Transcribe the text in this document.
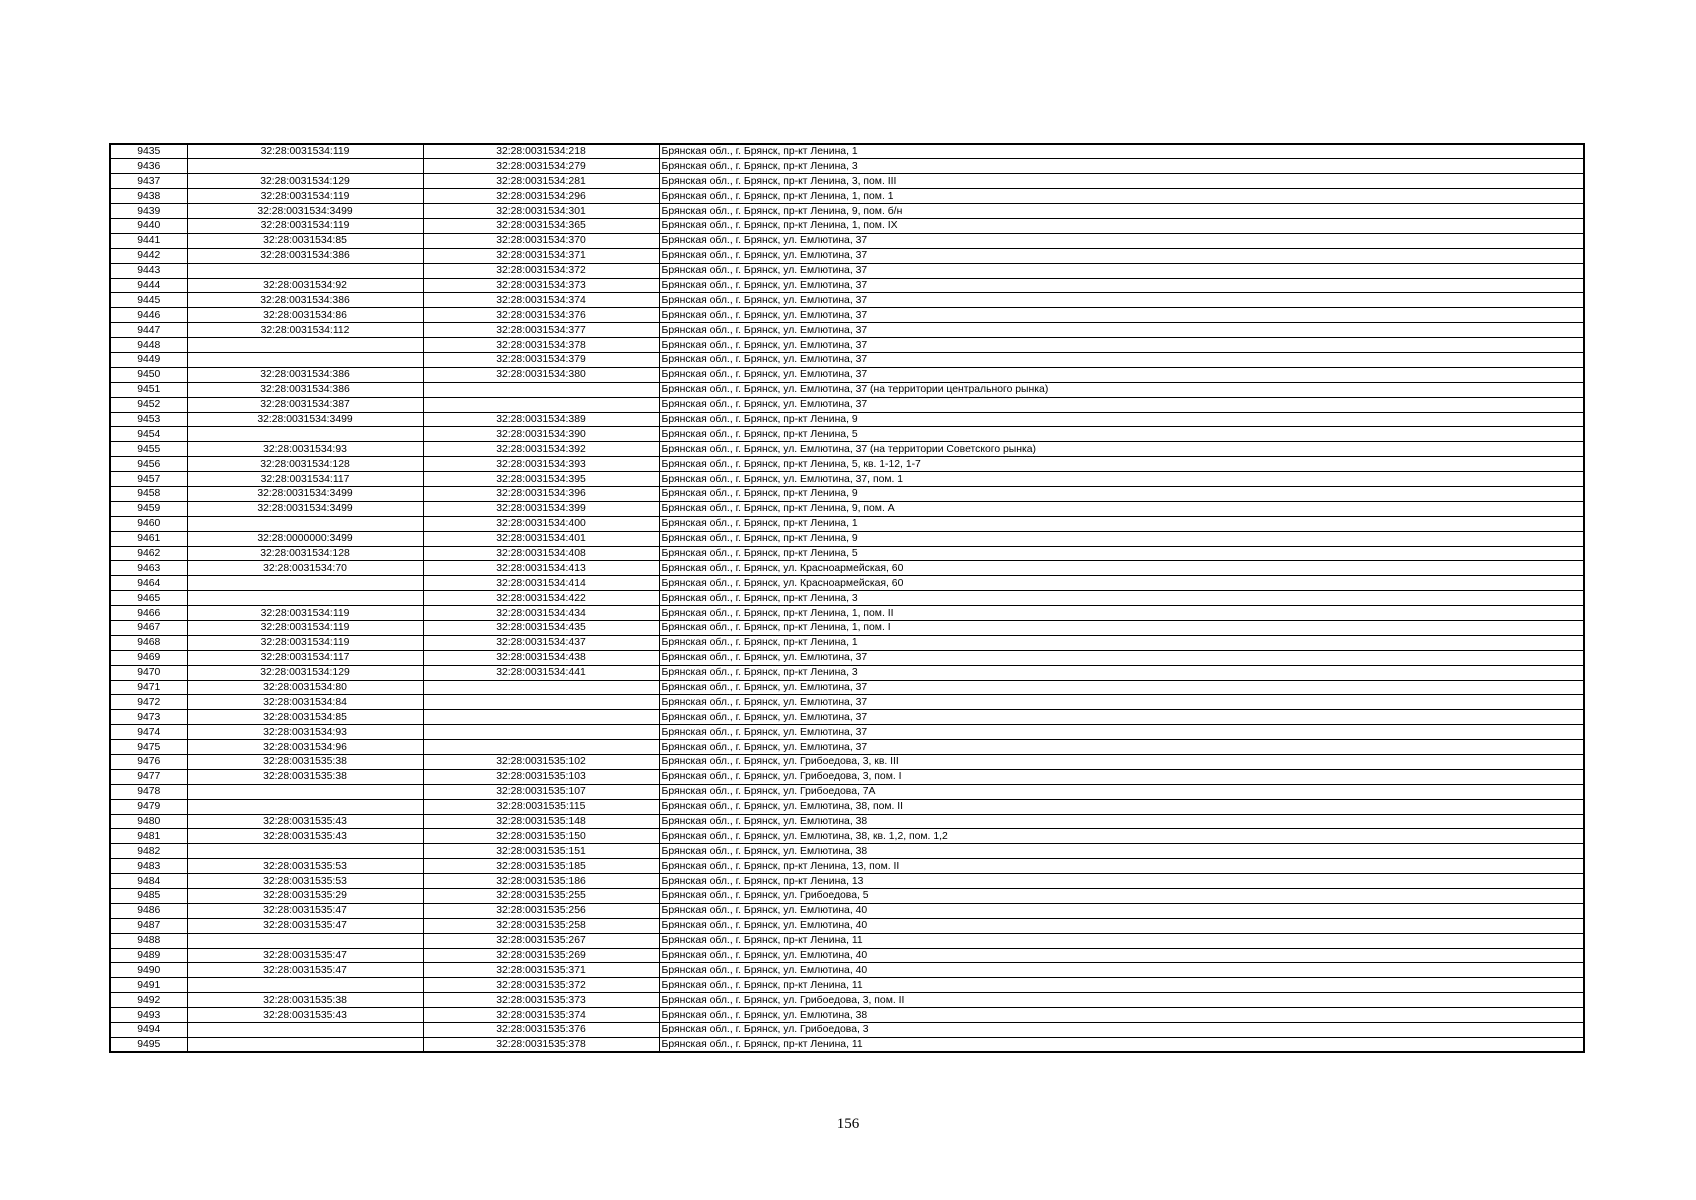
9435	32:28:0031534:119	32:28:0031534:218	Брянская обл., г. Брянск, пр-кт Ленина, 1
9436		32:28:0031534:279	Брянская обл., г. Брянск, пр-кт Ленина, 3
9437	32:28:0031534:129	32:28:0031534:281	Брянская обл., г. Брянск, пр-кт Ленина, 3, пом. III
9438	32:28:0031534:119	32:28:0031534:296	Брянская обл., г. Брянск, пр-кт Ленина, 1, пом. 1
9439	32:28:0031534:3499	32:28:0031534:301	Брянская обл., г. Брянск, пр-кт Ленина, 9, пом. б/н
9440	32:28:0031534:119	32:28:0031534:365	Брянская обл., г. Брянск, пр-кт Ленина, 1, пом. IX
9441	32:28:0031534:85	32:28:0031534:370	Брянская обл., г. Брянск, ул. Емлютина, 37
9442	32:28:0031534:386	32:28:0031534:371	Брянская обл., г. Брянск, ул. Емлютина, 37
9443		32:28:0031534:372	Брянская обл., г. Брянск, ул. Емлютина, 37
9444	32:28:0031534:92	32:28:0031534:373	Брянская обл., г. Брянск, ул. Емлютина, 37
9445	32:28:0031534:386	32:28:0031534:374	Брянская обл., г. Брянск, ул. Емлютина, 37
9446	32:28:0031534:86	32:28:0031534:376	Брянская обл., г. Брянск, ул. Емлютина, 37
9447	32:28:0031534:112	32:28:0031534:377	Брянская обл., г. Брянск, ул. Емлютина, 37
9448		32:28:0031534:378	Брянская обл., г. Брянск, ул. Емлютина, 37
9449		32:28:0031534:379	Брянская обл., г. Брянск, ул. Емлютина, 37
9450	32:28:0031534:386	32:28:0031534:380	Брянская обл., г. Брянск, ул. Емлютина, 37
9451	32:28:0031534:386		Брянская обл., г. Брянск, ул. Емлютина, 37 (на территории центрального рынка)
9452	32:28:0031534:387		Брянская обл., г. Брянск, ул. Емлютина, 37
9453	32:28:0031534:3499	32:28:0031534:389	Брянская обл., г. Брянск, пр-кт Ленина, 9
9454		32:28:0031534:390	Брянская обл., г. Брянск, пр-кт Ленина, 5
9455	32:28:0031534:93	32:28:0031534:392	Брянская обл., г. Брянск, ул. Емлютина, 37 (на территории Советского рынка)
9456	32:28:0031534:128	32:28:0031534:393	Брянская обл., г. Брянск, пр-кт Ленина, 5, кв. 1-12, 1-7
9457	32:28:0031534:117	32:28:0031534:395	Брянская обл., г. Брянск, ул. Емлютина, 37, пом. 1
9458	32:28:0031534:3499	32:28:0031534:396	Брянская обл., г. Брянск, пр-кт Ленина, 9
9459	32:28:0031534:3499	32:28:0031534:399	Брянская обл., г. Брянск, пр-кт Ленина, 9, пом. А
9460		32:28:0031534:400	Брянская обл., г. Брянск, пр-кт Ленина, 1
9461	32:28:0000000:3499	32:28:0031534:401	Брянская обл., г. Брянск, пр-кт Ленина, 9
9462	32:28:0031534:128	32:28:0031534:408	Брянская обл., г. Брянск, пр-кт Ленина, 5
9463	32:28:0031534:70	32:28:0031534:413	Брянская обл., г. Брянск, ул. Красноармейская, 60
9464		32:28:0031534:414	Брянская обл., г. Брянск, ул. Красноармейская, 60
9465		32:28:0031534:422	Брянская обл., г. Брянск, пр-кт Ленина, 3
9466	32:28:0031534:119	32:28:0031534:434	Брянская обл., г. Брянск, пр-кт Ленина, 1, пом. II
9467	32:28:0031534:119	32:28:0031534:435	Брянская обл., г. Брянск, пр-кт Ленина, 1, пом. I
9468	32:28:0031534:119	32:28:0031534:437	Брянская обл., г. Брянск, пр-кт Ленина, 1
9469	32:28:0031534:117	32:28:0031534:438	Брянская обл., г. Брянск, ул. Емлютина, 37
9470	32:28:0031534:129	32:28:0031534:441	Брянская обл., г. Брянск, пр-кт Ленина, 3
9471	32:28:0031534:80		Брянская обл., г. Брянск, ул. Емлютина, 37
9472	32:28:0031534:84		Брянская обл., г. Брянск, ул. Емлютина, 37
9473	32:28:0031534:85		Брянская обл., г. Брянск, ул. Емлютина, 37
9474	32:28:0031534:93		Брянская обл., г. Брянск, ул. Емлютина, 37
9475	32:28:0031534:96		Брянская обл., г. Брянск, ул. Емлютина, 37
9476	32:28:0031535:38	32:28:0031535:102	Брянская обл., г. Брянск, ул. Грибоедова, 3, кв. III
9477	32:28:0031535:38	32:28:0031535:103	Брянская обл., г. Брянск, ул. Грибоедова, 3, пом. I
9478		32:28:0031535:107	Брянская обл., г. Брянск, ул. Грибоедова, 7А
9479		32:28:0031535:115	Брянская обл., г. Брянск, ул. Емлютина, 38, пом. II
9480	32:28:0031535:43	32:28:0031535:148	Брянская обл., г. Брянск, ул. Емлютина, 38
9481	32:28:0031535:43	32:28:0031535:150	Брянская обл., г. Брянск, ул. Емлютина, 38, кв. 1,2, пом. 1,2
9482		32:28:0031535:151	Брянская обл., г. Брянск, ул. Емлютина, 38
9483	32:28:0031535:53	32:28:0031535:185	Брянская обл., г. Брянск, пр-кт Ленина, 13, пом. II
9484	32:28:0031535:53	32:28:0031535:186	Брянская обл., г. Брянск, пр-кт Ленина, 13
9485	32:28:0031535:29	32:28:0031535:255	Брянская обл., г. Брянск, ул. Грибоедова, 5
9486	32:28:0031535:47	32:28:0031535:256	Брянская обл., г. Брянск, ул. Емлютина, 40
9487	32:28:0031535:47	32:28:0031535:258	Брянская обл., г. Брянск, ул. Емлютина, 40
9488		32:28:0031535:267	Брянская обл., г. Брянск, пр-кт Ленина, 11
9489	32:28:0031535:47	32:28:0031535:269	Брянская обл., г. Брянск, ул. Емлютина, 40
9490	32:28:0031535:47	32:28:0031535:371	Брянская обл., г. Брянск, ул. Емлютина, 40
9491		32:28:0031535:372	Брянская обл., г. Брянск, пр-кт Ленина, 11
9492	32:28:0031535:38	32:28:0031535:373	Брянская обл., г. Брянск, ул. Грибоедова, 3, пом. II
9493	32:28:0031535:43	32:28:0031535:374	Брянская обл., г. Брянск, ул. Емлютина, 38
9494		32:28:0031535:376	Брянская обл., г. Брянск, ул. Грибоедова, 3
9495		32:28:0031535:378	Брянская обл., г. Брянск, пр-кт Ленина, 11
156
